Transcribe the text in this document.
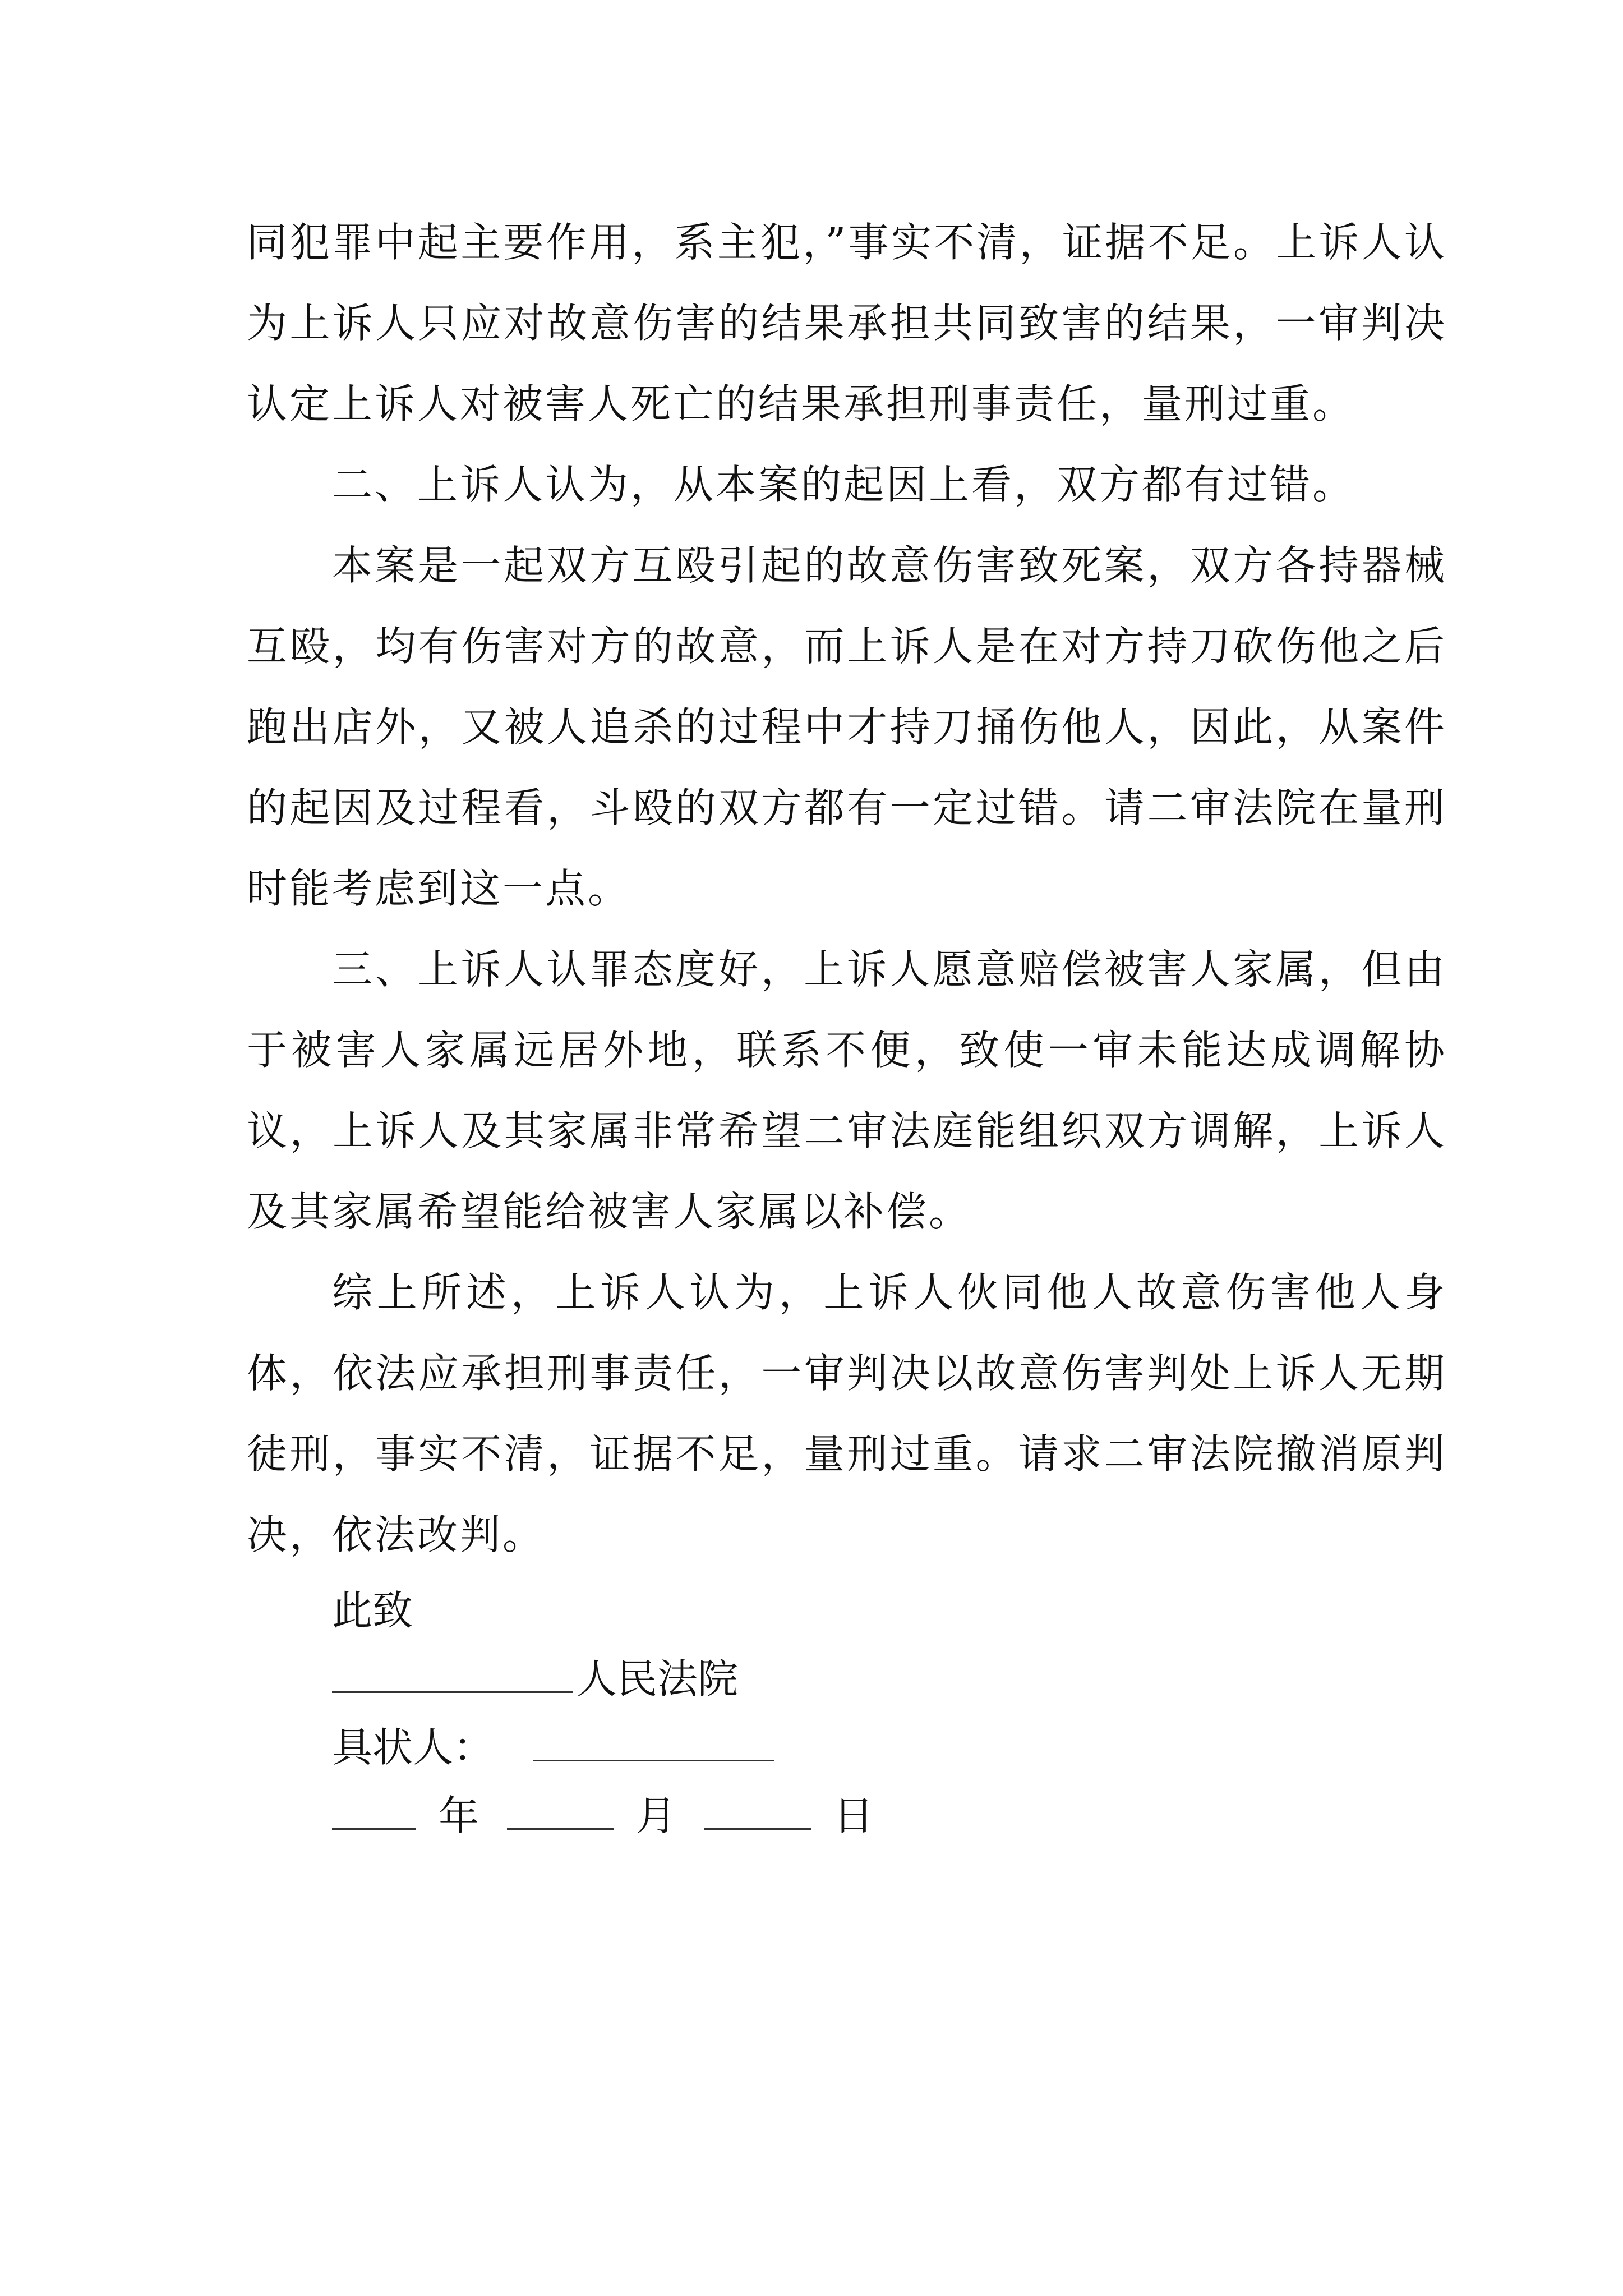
同犯罪中起主要作用，系主犯，”事实不清，证据不足。上诉人认为上诉人只应对故意伤害的结果承担共同致害的结果，一审判决认定上诉人对被害人死亡的结果承担刑事责任，量刑过重。

二、上诉人认为，从本案的起因上看，双方都有过错。

本案是一起双方互殴引起的故意伤害致死案，双方各持器械互殴，均有伤害对方的故意，而上诉人是在对方持刀砍伤他之后跑出店外，又被人追杀的过程中才持刀捅伤他人，因此，从案件的起因及过程看，斗殴的双方都有一定过错。请二审法院在量刑时能考虑到这一点。

三、上诉人认罪态度好，上诉人愿意赔偿被害人家属，但由于被害人家属远居外地，联系不便，致使一审未能达成调解协议，上诉人及其家属非常希望二审法庭能组织双方调解，上诉人及其家属希望能给被害人家属以补偿。

综上所述，上诉人认为，上诉人伙同他人故意伤害他人身体，依法应承担刑事责任，一审判决以故意伤害判处上诉人无期徒刑，事实不清，证据不足，量刑过重。请求二审法院撤消原判决，依法改判。

此致
人民法院
具状人：
年	月	日
